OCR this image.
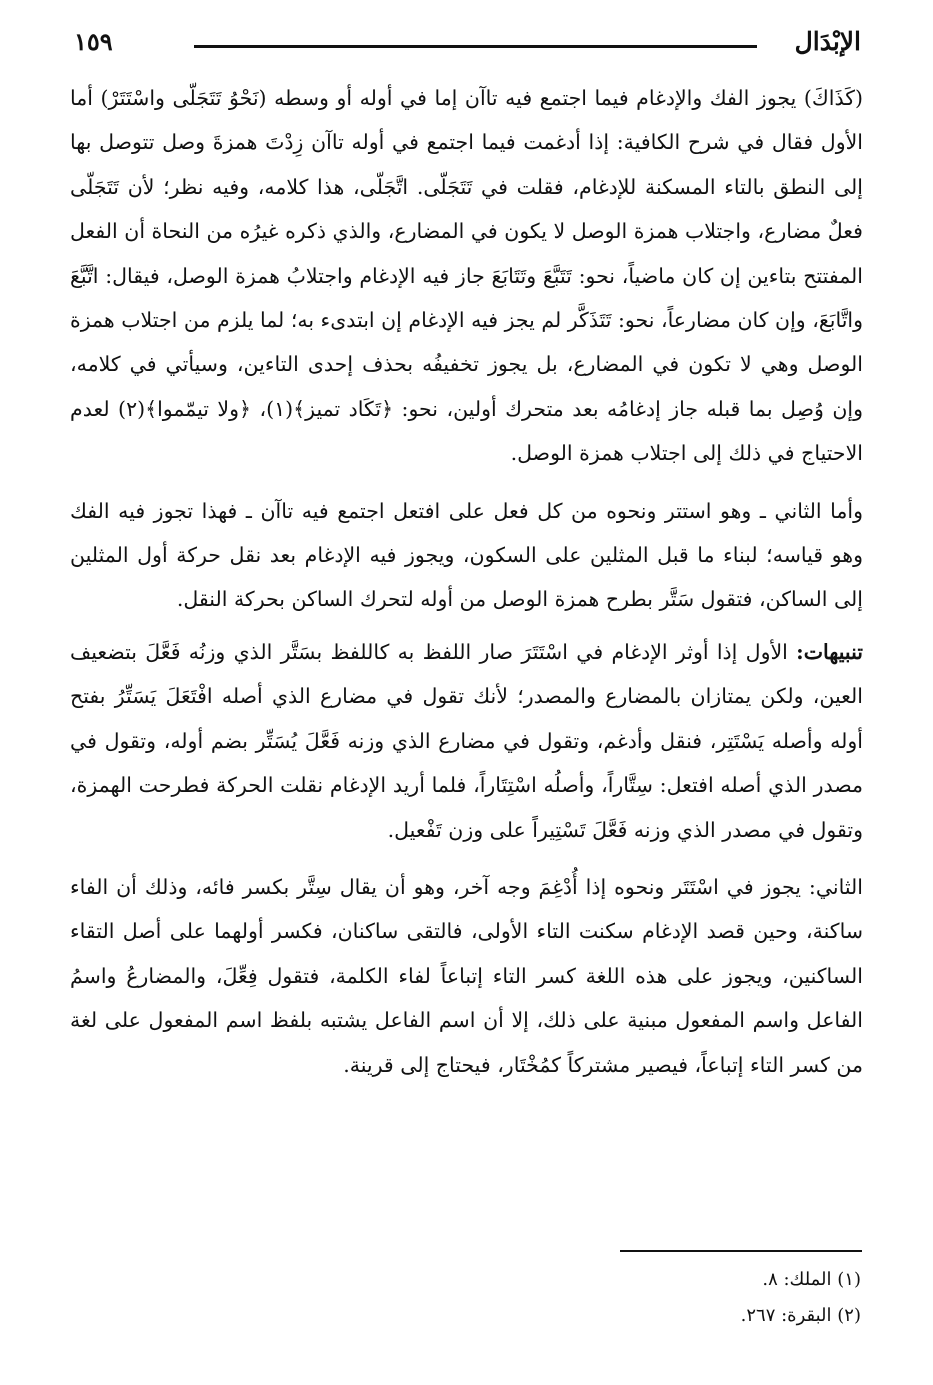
الإبْدَال
١٥٩

(كَذَاكَ) يجوز الفك والإدغام فيما اجتمع فيه تاآن إما في أوله أو وسطه (نَحْوُ تَتَجَلّى واسْتَتَرْ) أما الأول فقال في شرح الكافية: إذا أدغمت فيما اجتمع في أوله تاآن زِدْتَ همزةَ وصل تتوصل بها إلى النطق بالتاء المسكنة للإدغام، فقلت في تَتَجَلّى. اتَّجَلّى، هذا كلامه، وفيه نظر؛ لأن تَتَجَلّى فعلٌ مضارع، واجتلاب همزة الوصل لا يكون في المضارع، والذي ذكره غيرُه من النحاة أن الفعل المفتتح بتاءين إن كان ماضياً، نحو: تَتَبَّعَ وتَتَابَعَ جاز فيه الإدغام واجتلابُ همزة الوصل، فيقال: اتَّبَّعَ واتَّابَعَ، وإن كان مضارعاً، نحو: تَتَذَكَّر لم يجز فيه الإدغام إن ابتدىء به؛ لما يلزم من اجتلاب همزة الوصل وهي لا تكون في المضارع، بل يجوز تخفيفُه بحذف إحدى التاءين، وسيأتي في كلامه، وإن وُصِل بما قبله جاز إدغامُه بعد متحرك أولين، نحو: ﴿تَكَاد تميز﴾(١)، ﴿ولا تيمّموا﴾(٢) لعدم الاحتياج في ذلك إلى اجتلاب همزة الوصل.

وأما الثاني ـ وهو استتر ونحوه من كل فعل على افتعل اجتمع فيه تاآن ـ فهذا تجوز فيه الفك وهو قياسه؛ لبناء ما قبل المثلين على السكون، ويجوز فيه الإدغام بعد نقل حركة أول المثلين إلى الساكن، فتقول سَتَّر بطرح همزة الوصل من أوله لتحرك الساكن بحركة النقل.

تنبيهات: الأول إذا أوثر الإدغام في اسْتَتَرَ صار اللفظ به كاللفظ بسَتَّر الذي وزنُه فَعَّلَ بتضعيف العين، ولكن يمتازان بالمضارع والمصدر؛ لأنك تقول في مضارع الذي أصله افْتَعَلَ يَسَتِّرُ بفتح أوله وأصله يَسْتَتِر، فنقل وأدغم، وتقول في مضارع الذي وزنه فَعَّلَ يُسَتِّر بضم أوله، وتقول في مصدر الذي أصله افتعل: سِتَّاراً، وأصلُه اسْتِتَاراً، فلما أريد الإدغام نقلت الحركة فطرحت الهمزة، وتقول في مصدر الذي وزنه فَعَّلَ تَسْتِيراً على وزن تَفْعيل.

الثاني: يجوز في اسْتَتَر ونحوه إذا أُدْغِمَ وجه آخر، وهو أن يقال سِتَّر بكسر فائه، وذلك أن الفاء ساكنة، وحين قصد الإدغام سكنت التاء الأولى، فالتقى ساكنان، فكسر أولهما على أصل التقاء الساكنين، ويجوز على هذه اللغة كسر التاء إتباعاً لفاء الكلمة، فتقول فِعِّلَ، والمضارعُ واسمُ الفاعل واسم المفعول مبنية على ذلك، إلا أن اسم الفاعل يشتبه بلفظ اسم المفعول على لغة من كسر التاء إتباعاً، فيصير مشتركاً كمُخْتَار، فيحتاج إلى قرينة.

(١) الملك: ٨.

(٢) البقرة: ٢٦٧.
